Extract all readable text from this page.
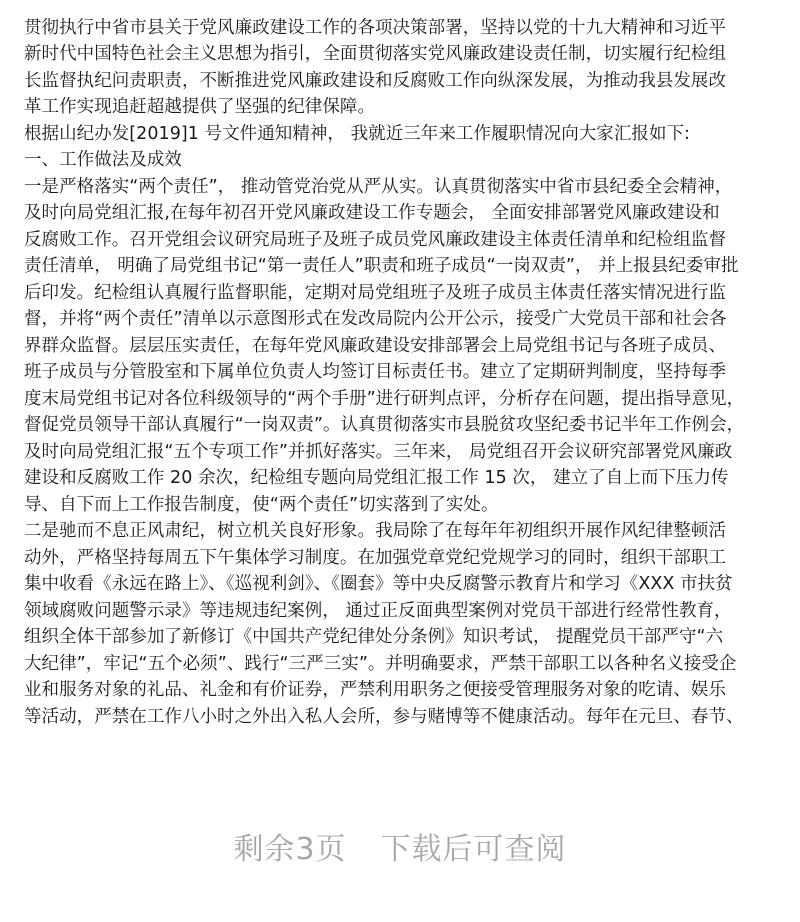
贯彻执行中省市县关于党风廉政建设工作的各项决策部署，坚持以党的十九大精神和习近平
新时代中国特色社会主义思想为指引，全面贯彻落实党风廉政建设责任制，切实履行纪检组
长监督执纪问责职责，不断推进党风廉政建设和反腐败工作向纵深发展，为推动我县发展改
革工作实现追赶超越提供了坚强的纪律保障。
根据山纪办发[2019]1 号文件通知精神， 我就近三年来工作履职情况向大家汇报如下:
一、工作做法及成效
一是严格落实“两个责任”， 推动管党治党从严从实。认真贯彻落实中省市县纪委全会精神，
及时向局党组汇报,在每年初召开党风廉政建设工作专题会， 全面安排部署党风廉政建设和
反腐败工作。召开党组会议研究局班子及班子成员党风廉政建设主体责任清单和纪检组监督
责任清单， 明确了局党组书记“第一责任人”职责和班子成员“一岗双责”， 并上报县纪委审批
后印发。纪检组认真履行监督职能，定期对局党组班子及班子成员主体责任落实情况进行监
督，并将“两个责任”清单以示意图形式在发改局院内公开公示，接受广大党员干部和社会各
界群众监督。层层压实责任，在每年党风廉政建设安排部署会上局党组书记与各班子成员、
班子成员与分管股室和下属单位负责人均签订目标责任书。建立了定期研判制度，坚持每季
度末局党组书记对各位科级领导的“两个手册”进行研判点评，分析存在问题，提出指导意见，
督促党员领导干部认真履行“一岗双责”。认真贯彻落实市县脱贫攻坚纪委书记半年工作例会，
及时向局党组汇报“五个专项工作”并抓好落实。三年来， 局党组召开会议研究部署党风廉政
建设和反腐败工作 20 余次，纪检组专题向局党组汇报工作 15 次， 建立了自上而下压力传
导、自下而上工作报告制度，使“两个责任”切实落到了实处。
二是驰而不息正风肃纪，树立机关良好形象。我局除了在每年年初组织开展作风纪律整顿活
动外，严格坚持每周五下午集体学习制度。在加强党章党纪党规学习的同时，组织干部职工
集中收看《永远在路上》、《巡视利剑》、《圈套》等中央反腐警示教育片和学习《XXX 市扶贫
领域腐败问题警示录》等违规违纪案例， 通过正反面典型案例对党员干部进行经常性教育，
组织全体干部参加了新修订《中国共产党纪律处分条例》知识考试， 提醒党员干部严守“六
大纪律”，牢记“五个必须”、践行“三严三实”。并明确要求，严禁干部职工以各种名义接受企
业和服务对象的礼品、礼金和有价证券，严禁利用职务之便接受管理服务对象的吃请、娱乐
等活动，严禁在工作八小时之外出入私人会所，参与赌博等不健康活动。每年在元旦、春节、
剩余3页 下载后可查阅
